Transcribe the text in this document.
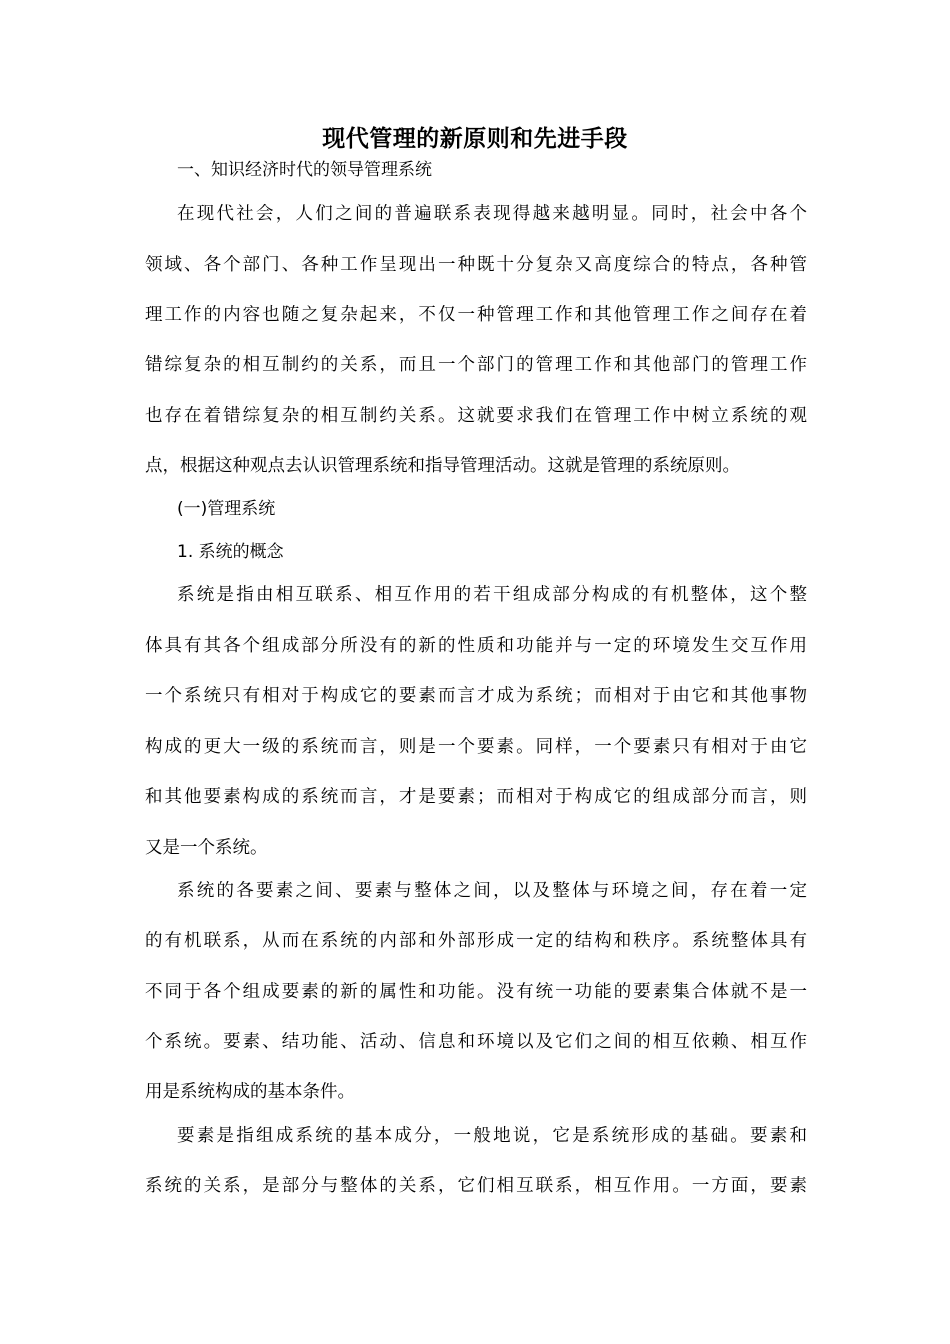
现代管理的新原则和先进手段

一、知识经济时代的领导管理系统

在现代社会，人们之间的普遍联系表现得越来越明显。同时，社会中各个

领域、各个部门、各种工作呈现出一种既十分复杂又高度综合的特点，各种管

理工作的内容也随之复杂起来，不仅一种管理工作和其他管理工作之间存在着

错综复杂的相互制约的关系，而且一个部门的管理工作和其他部门的管理工作

也存在着错综复杂的相互制约关系。这就要求我们在管理工作中树立系统的观

点，根据这种观点去认识管理系统和指导管理活动。这就是管理的系统原则。

(一)管理系统

1. 系统的概念

系统是指由相互联系、相互作用的若干组成部分构成的有机整体，这个整

体具有其各个组成部分所没有的新的性质和功能并与一定的环境发生交互作用

一个系统只有相对于构成它的要素而言才成为系统；而相对于由它和其他事物

构成的更大一级的系统而言，则是一个要素。同样，一个要素只有相对于由它

和其他要素构成的系统而言，才是要素；而相对于构成它的组成部分而言，则

又是一个系统。

系统的各要素之间、要素与整体之间，以及整体与环境之间，存在着一定

的有机联系，从而在系统的内部和外部形成一定的结构和秩序。系统整体具有

不同于各个组成要素的新的属性和功能。没有统一功能的要素集合体就不是一

个系统。要素、结功能、活动、信息和环境以及它们之间的相互依赖、相互作

用是系统构成的基本条件。

要素是指组成系统的基本成分，一般地说，它是系统形成的基础。要素和

系统的关系，是部分与整体的关系，它们相互联系，相互作用。一方面，要素
